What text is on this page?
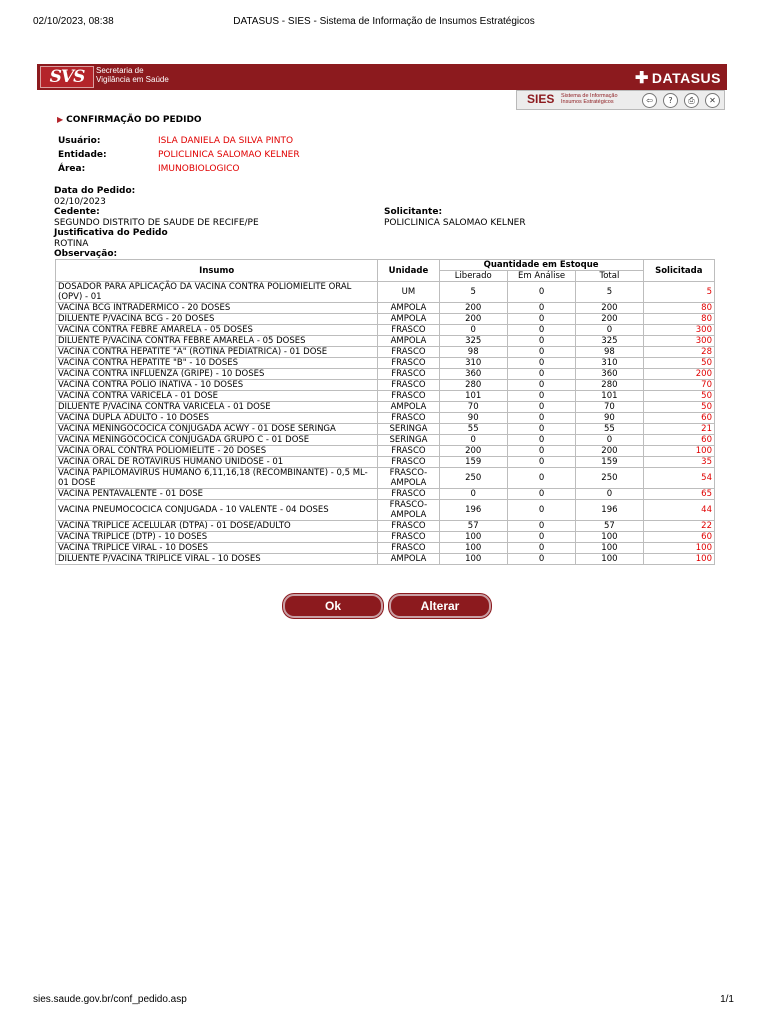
02/10/2023, 08:38	DATASUS - SIES - Sistema de Informação de Insumos Estratégicos
SVS	Secretaria de
Vigilância em Saúde	✚ DATASUS
SIES Sistema de Informação
Insumos Estratégicos	⇦	?	⎙	✕
▶ CONFIRMAÇÃO DO PEDIDO
Usuário:	ISLA DANIELA DA SILVA PINTO
Entidade:	POLICLINICA SALOMAO KELNER
Área:	IMUNOBIOLOGICO
Data do Pedido:
02/10/2023
Cedente:
SEGUNDO DISTRITO DE SAUDE DE RECIFE/PE
Solicitante:
POLICLINICA SALOMAO KELNER
Justificativa do Pedido
ROTINA
Observação:
Insumo	Unidade	Quantidade em Estoque			Solicitada
		Liberado	Em Análise	Total	
DOSADOR PARA APLICAÇÃO DA VACINA CONTRA POLIOMIELITE ORAL (OPV) - 01	UM	5	0	5	5
VACINA BCG INTRADERMICO - 20 DOSES	AMPOLA	200	0	200	80
DILUENTE P/VACINA BCG - 20 DOSES	AMPOLA	200	0	200	80
VACINA CONTRA FEBRE AMARELA - 05 DOSES	FRASCO	0	0	0	300
DILUENTE P/VACINA CONTRA FEBRE AMARELA - 05 DOSES	AMPOLA	325	0	325	300
VACINA CONTRA HEPATITE "A" (ROTINA PEDIATRICA) - 01 DOSE	FRASCO	98	0	98	28
VACINA CONTRA HEPATITE "B" - 10 DOSES	FRASCO	310	0	310	50
VACINA CONTRA INFLUENZA (GRIPE) - 10 DOSES	FRASCO	360	0	360	200
VACINA CONTRA POLIO INATIVA - 10 DOSES	FRASCO	280	0	280	70
VACINA CONTRA VARICELA - 01 DOSE	FRASCO	101	0	101	50
DILUENTE P/VACINA CONTRA VARICELA - 01 DOSE	AMPOLA	70	0	70	50
VACINA DUPLA ADULTO - 10 DOSES	FRASCO	90	0	90	60
VACINA MENINGOCOCICA CONJUGADA ACWY - 01 DOSE SERINGA	SERINGA	55	0	55	21
VACINA MENINGOCOCICA CONJUGADA GRUPO C - 01 DOSE	SERINGA	0	0	0	60
VACINA ORAL CONTRA POLIOMIELITE - 20 DOSES	FRASCO	200	0	200	100
VACINA ORAL DE ROTAVIRUS HUMANO UNIDOSE - 01	FRASCO	159	0	159	35
VACINA PAPILOMAVIRUS HUMANO 6,11,16,18 (RECOMBINANTE) - 0,5 ML-01 DOSE	FRASCO-AMPOLA	250	0	250	54
VACINA PENTAVALENTE - 01 DOSE	FRASCO	0	0	0	65
VACINA PNEUMOCOCICA CONJUGADA - 10 VALENTE - 04 DOSES	FRASCO-AMPOLA	196	0	196	44
VACINA TRIPLICE ACELULAR (DTPA) - 01 DOSE/ADULTO	FRASCO	57	0	57	22
VACINA TRIPLICE (DTP) - 10 DOSES	FRASCO	100	0	100	60
VACINA TRIPLICE VIRAL - 10 DOSES	FRASCO	100	0	100	100
DILUENTE P/VACINA TRIPLICE VIRAL - 10 DOSES	AMPOLA	100	0	100	100
Ok	Alterar
sies.saude.gov.br/conf_pedido.asp	1/1
